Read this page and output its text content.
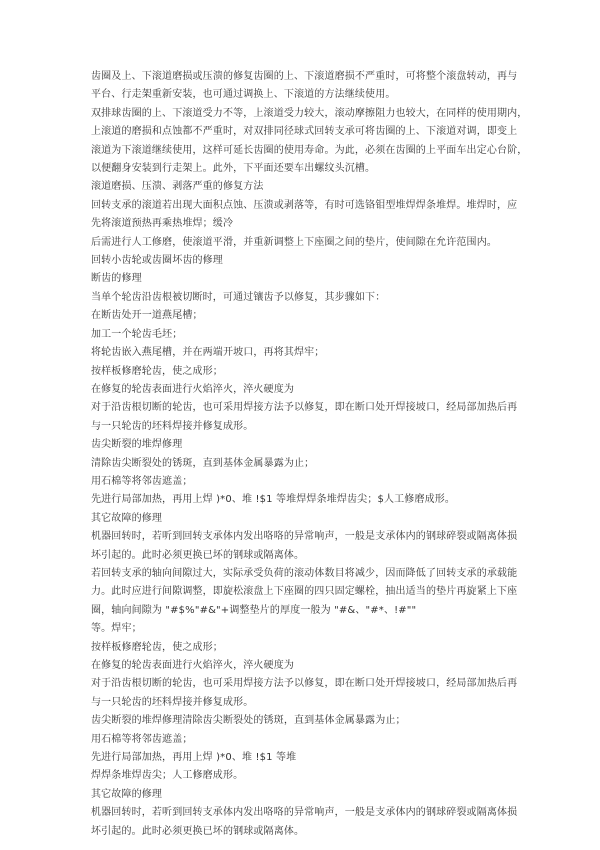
齿圈及上、下滚道磨损或压溃的修复齿圈的上、下滚道磨损不严重时，可将整个滚盘转动，再与
平台、行走架重新安装，也可通过调换上、下滚道的方法继续使用。
双排球齿圈的上、下滚道受力不等，上滚道受力较大，滚动摩擦阻力也较大，在同样的使用期内，
上滚道的磨损和点蚀都不严重时，对双排同径球式回转支承可将齿圈的上、下滚道对调，即变上
滚道为下滚道继续使用，这样可延长齿圈的使用寿命。为此，必须在齿圈的上平面车出定心台阶，
以便翻身安装到行走架上。此外，下平面还要车出螺纹头沉槽。
滚道磨损、压溃、剥落严重的修复方法
回转支承的滚道若出现大面积点蚀、压溃或剥落等，有时可选铬钼型堆焊焊条堆焊。堆焊时，应
先将滚道预热再乘热堆焊；缓冷
后需进行人工修磨，使滚道平滑，并重新调整上下座圈之间的垫片，使间隙在允许范围内。
回转小齿轮或齿圈坏齿的修理
断齿的修理
当单个轮齿沿齿根被切断时，可通过镶齿予以修复，其步骤如下：
在断齿处开一道燕尾槽；
加工一个轮齿毛坯；
将轮齿嵌入燕尾槽，并在两端开坡口，再将其焊牢；
按样板修磨轮齿，使之成形；
在修复的轮齿表面进行火焰淬火，淬火硬度为
对于沿齿根切断的轮齿，也可采用焊接方法予以修复，即在断口处开焊接坡口，经局部加热后再
与一只轮齿的坯料焊接并修复成形。
齿尖断裂的堆焊修理
清除齿尖断裂处的锈斑，直到基体金属暴露为止；
用石棉等将邻齿遮盖；
先进行局部加热，再用上焊 )*0、堆 !$1 等堆焊焊条堆焊齿尖；$人工修磨成形。
其它故障的修理
机器回转时，若听到回转支承体内发出咯咯的异常响声，一般是支承体内的钢球碎裂或隔离体损
坏引起的。此时必须更换已坏的钢球或隔离体。
若回转支承的轴向间隙过大，实际承受负荷的滚动体数目将减少，因而降低了回转支承的承载能
力。此时应进行间隙调整，即旋松滚盘上下座圈的四只固定螺栓，抽出适当的垫片再旋紧上下座
圈，轴向间隙为 "#$%"#&"+调整垫片的厚度一般为 "#&、"#*、!#""
等。焊牢；
按样板修磨轮齿，使之成形；
在修复的轮齿表面进行火焰淬火，淬火硬度为
对于沿齿根切断的轮齿，也可采用焊接方法予以修复，即在断口处开焊接坡口，经局部加热后再
与一只轮齿的坯料焊接并修复成形。
齿尖断裂的堆焊修理清除齿尖断裂处的锈斑，直到基体金属暴露为止；
用石棉等将邻齿遮盖；
先进行局部加热，再用上焊 )*0、堆 !$1 等堆
焊焊条堆焊齿尖；人工修磨成形。
其它故障的修理
机器回转时，若听到回转支承体内发出咯咯的异常响声，一般是支承体内的钢球碎裂或隔离体损
坏引起的。此时必须更换已坏的钢球或隔离体。
